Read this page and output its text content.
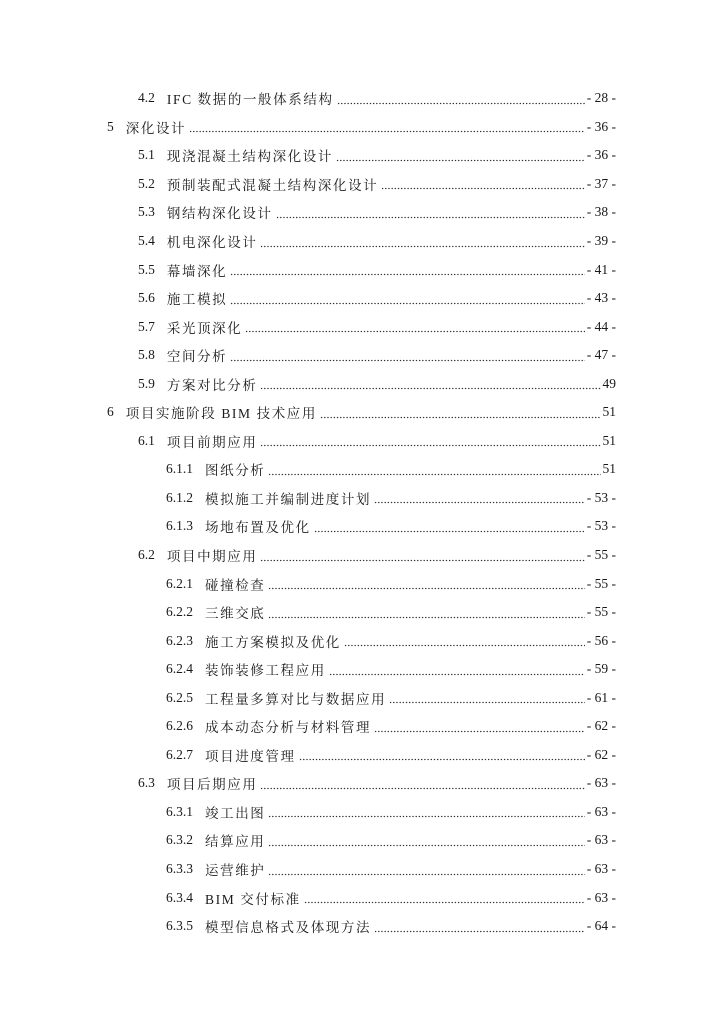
4.2 IFC 数据的一般体系结构	- 28 -
5 深化设计	- 36 -
5.1 现浇混凝土结构深化设计	- 36 -
5.2 预制装配式混凝土结构深化设计	- 37 -
5.3 钢结构深化设计	- 38 -
5.4 机电深化设计	- 39 -
5.5 幕墙深化	- 41 -
5.6 施工模拟	- 43 -
5.7 采光顶深化	- 44 -
5.8 空间分析	- 47 -
5.9 方案对比分析	49
6 项目实施阶段 BIM 技术应用	51
6.1 项目前期应用	51
6.1.1 图纸分析	51
6.1.2 模拟施工并编制进度计划	- 53 -
6.1.3 场地布置及优化	- 53 -
6.2 项目中期应用	- 55 -
6.2.1 碰撞检查	- 55 -
6.2.2 三维交底	- 55 -
6.2.3 施工方案模拟及优化	- 56 -
6.2.4 装饰装修工程应用	- 59 -
6.2.5 工程量多算对比与数据应用	- 61 -
6.2.6 成本动态分析与材料管理	- 62 -
6.2.7 项目进度管理	- 62 -
6.3 项目后期应用	- 63 -
6.3.1 竣工出图	- 63 -
6.3.2 结算应用	- 63 -
6.3.3 运营维护	- 63 -
6.3.4 BIM 交付标准	- 63 -
6.3.5 模型信息格式及体现方法	- 64 -
